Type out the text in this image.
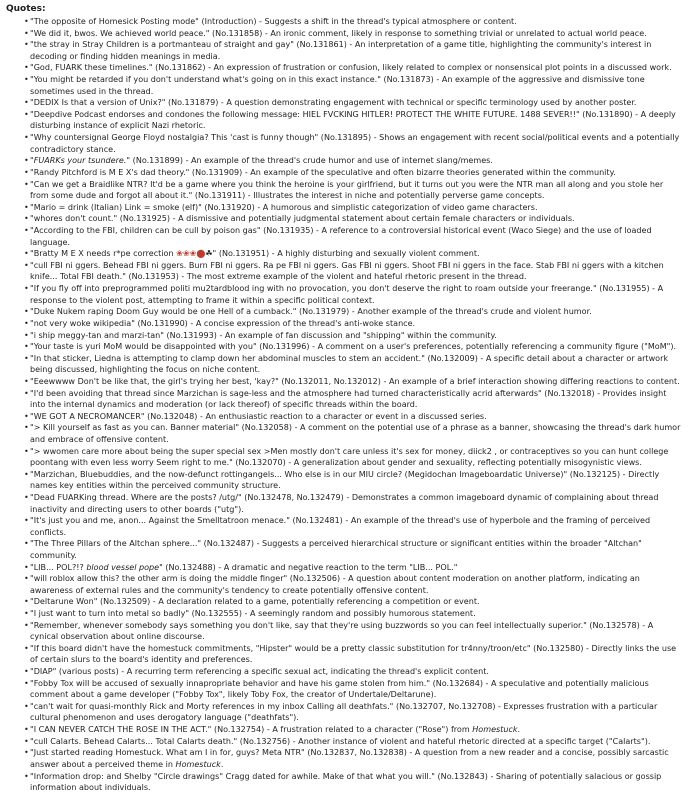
Quotes:
• "The opposite of Homesick Posting mode" (Introduction) - Suggests a shift in the thread's typical atmosphere or content.
• "We did it, bwos. We achieved world peace." (No.131858) - An ironic comment, likely in response to something trivial or unrelated to actual world peace.
• "the stray in Stray Children is a portmanteau of straight and gay" (No.131861) - An interpretation of a game title, highlighting the community's interest in decoding or finding hidden meanings in media.
• "God, FUARK these timelines." (No.131862) - An expression of frustration or confusion, likely related to complex or nonsensical plot points in a discussed work.
• "You might be retarded if you don't understand what's going on in this exact instance." (No.131873) - An example of the aggressive and dismissive tone sometimes used in the thread.
• "DEDIX Is that a version of Unix?" (No.131879) - A question demonstrating engagement with technical or specific terminology used by another poster.
• "Deepdive Podcast endorses and condones the following message: HIEL FVCKING HITLER! PROTECT THE WHITE FUTURE. 1488 SEVER!!" (No.131890) - A deeply disturbing instance of explicit Nazi rhetoric.
• "Why countersignal George Floyd nostalgia? This 'cast is funny though" (No.131895) - Shows an engagement with recent social/political events and a potentially contradictory stance.
• "FUARKs your tsundere." (No.131899) - An example of the thread's crude humor and use of internet slang/memes.
• "Randy Pitchford is M E X's dad theory." (No.131909) - An example of the speculative and often bizarre theories generated within the community.
• "Can we get a Braidlike NTR? It'd be a game where you think the heroine is your girlfriend, but it turns out you were the NTR man all along and you stole her from some dude and forgot all about it." (No.131911) - Illustrates the interest in niche and potentially perverse game concepts.
• "Mario = drink (Italian) Link = smoke (elf)" (No.131920) - A humorous and simplistic categorization of video game characters.
• "whores don't count." (No.131925) - A dismissive and potentially judgmental statement about certain female characters or individuals.
• "According to the FBI, children can be cull by poison gas" (No.131935) - A reference to a controversial historical event (Waco Siege) and the use of loaded language.
• "Bratty M E X needs r*pe correction ❀❀❀⬤☘" (No.131951) - A highly disturbing and sexually violent comment.
• "cull FBI ni ggers. Behead FBI ni ggers. Burn FBI ni ggers. Ra pe FBI ni ggers. Gas FBI ni ggers. Shoot FBI ni ggers in the face. Stab FBI ni ggers with a kitchen knife... Total FBI death." (No.131953) - The most extreme example of the violent and hateful rhetoric present in the thread.
• "If you fly off into preprogrammed politi mu2tardblood ing with no provocation, you don't deserve the right to roam outside your freerange." (No.131955) - A response to the violent post, attempting to frame it within a specific political context.
• "Duke Nukem raping Doom Guy would be one Hell of a cumback." (No.131979) - Another example of the thread's crude and violent humor.
• "not very woke wikipedia" (No.131990) - A concise expression of the thread's anti-woke stance.
• "i ship meggy-tan and marzi-tan" (No.131993) - An example of fan discussion and "shipping" within the community.
• "Your taste is yuri MoM would be disappointed with you" (No.131996) - A comment on a user's preferences, potentially referencing a community figure ("MoM").
• "In that sticker, Liedna is attempting to clamp down her abdominal muscles to stem an accident." (No.132009) - A specific detail about a character or artwork being discussed, highlighting the focus on niche content.
• "Eeewwww Don't be like that, the girl's trying her best, 'kay?" (No.132011, No.132012) - An example of a brief interaction showing differing reactions to content.
• "I'd been avoiding that thread since Marzichan is sage-less and the atmosphere had turned characteristically acrid afterwards" (No.132018) - Provides insight into the internal dynamics and moderation (or lack thereof) of specific threads within the board.
• "WE GOT A NECROMANCER" (No.132048) - An enthusiastic reaction to a character or event in a discussed series.
• "> Kill yourself as fast as you can. Banner material" (No.132058) - A comment on the potential use of a phrase as a banner, showcasing the thread's dark humor and embrace of offensive content.
• "> wwomen care more about being the super special sex >Men mostly don't care unless it's sex for money, diick2 , or contraceptives so you can hunt college poontang with even less worry Seem right to me." (No.132070) - A generalization about gender and sexuality, reflecting potentially misogynistic views.
• "Marzichan, Bluebuddies, and the now-defunct rottingangels... Who else is in our MIU circle? (Megidochan Imageboardatic Universe)" (No.132125) - Directly names key entities within the perceived community structure.
• "Dead FUARKing thread. Where are the posts? /utg/" (No.132478, No.132479) - Demonstrates a common imageboard dynamic of complaining about thread inactivity and directing users to other boards ("utg").
• "It's just you and me, anon... Against the Smelltatroon menace." (No.132481) - An example of the thread's use of hyperbole and the framing of perceived conflicts.
• "The Three Pillars of the Altchan sphere..." (No.132487) - Suggests a perceived hierarchical structure or significant entities within the broader "Altchan" community.
• "LIB... POL?!? blood vessel pope" (No.132488) - A dramatic and negative reaction to the term "LIB... POL."
• "will roblox allow this? the other arm is doing the middle finger" (No.132506) - A question about content moderation on another platform, indicating an awareness of external rules and the community's tendency to create potentially offensive content.
• "Deltarune Won" (No.132509) - A declaration related to a game, potentially referencing a competition or event.
• "I just want to turn into metal so badly" (No.132555) - A seemingly random and possibly humorous statement.
• "Remember, whenever somebody says something you don't like, say that they're using buzzwords so you can feel intellectually superior." (No.132578) - A cynical observation about online discourse.
• "If this board didn't have the homestuck commitments, "Hipster" would be a pretty classic substitution for tr4nny/troon/etc" (No.132580) - Directly links the use of certain slurs to the board's identity and preferences.
• "DIAP" (various posts) - A recurring term referencing a specific sexual act, indicating the thread's explicit content.
• "Fobby Tox will be accused of sexually innapropriate behavior and have his game stolen from him." (No.132684) - A speculative and potentially malicious comment about a game developer ("Fobby Tox", likely Toby Fox, the creator of Undertale/Deltarune).
• "can't wait for quasi-monthly Rick and Morty references in my inbox Calling all deathfats." (No.132707, No.132708) - Expresses frustration with a particular cultural phenomenon and uses derogatory language ("deathfats").
• "I CAN NEVER CATCH THE ROSE IN THE ACT." (No.132754) - A frustration related to a character ("Rose") from Homestuck.
• "cull Calarts. Behead Calarts... Total Calarts death." (No.132756) - Another instance of violent and hateful rhetoric directed at a specific target ("Calarts").
• "Just started reading Homestuck. What am I in for, guys? Meta NTR" (No.132837, No.132838) - A question from a new reader and a concise, possibly sarcastic answer about a perceived theme in Homestuck.
• "Information drop: and Shelby "Circle drawings" Cragg dated for awhile. Make of that what you will." (No.132843) - Sharing of potentially salacious or gossip information about individuals.
